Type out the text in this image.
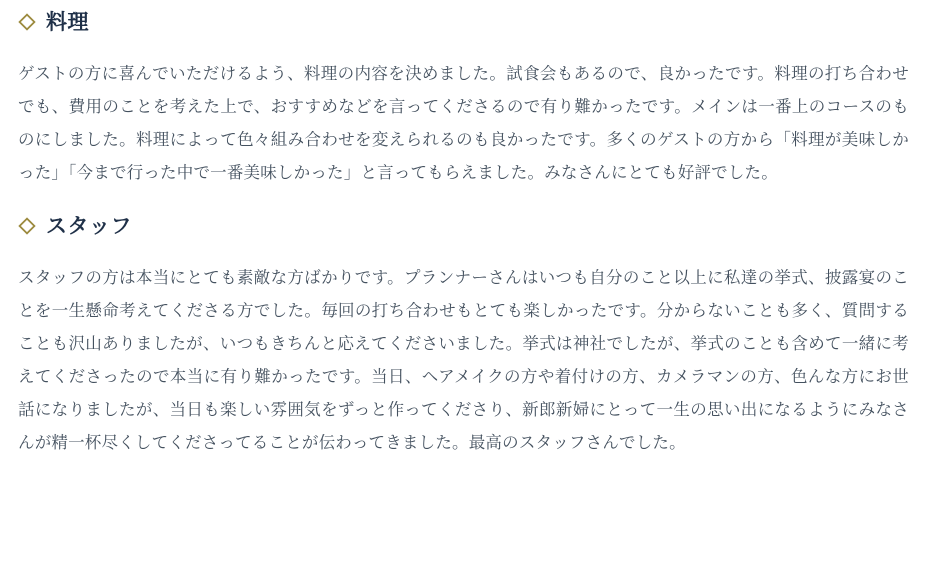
料理

ゲストの方に喜んでいただけるよう、料理の内容を決めました。試食会もあるので、良かったです。料理の打ち合わせでも、費用のことを考えた上で、おすすめなどを言ってくださるので有り難かったです。メインは一番上のコースのものにしました。料理によって色々組み合わせを変えられるのも良かったです。多くのゲストの方から「料理が美味しかった」「今まで行った中で一番美味しかった」と言ってもらえました。みなさんにとても好評でした。

スタッフ

スタッフの方は本当にとても素敵な方ばかりです。プランナーさんはいつも自分のこと以上に私達の挙式、披露宴のことを一生懸命考えてくださる方でした。毎回の打ち合わせもとても楽しかったです。分からないことも多く、質問することも沢山ありましたが、いつもきちんと応えてくださいました。挙式は神社でしたが、挙式のことも含めて一緒に考えてくださったので本当に有り難かったです。当日、ヘアメイクの方や着付けの方、カメラマンの方、色んな方にお世話になりましたが、当日も楽しい雰囲気をずっと作ってくださり、新郎新婦にとって一生の思い出になるようにみなさんが精一杯尽くしてくださってることが伝わってきました。最高のスタッフさんでした。
